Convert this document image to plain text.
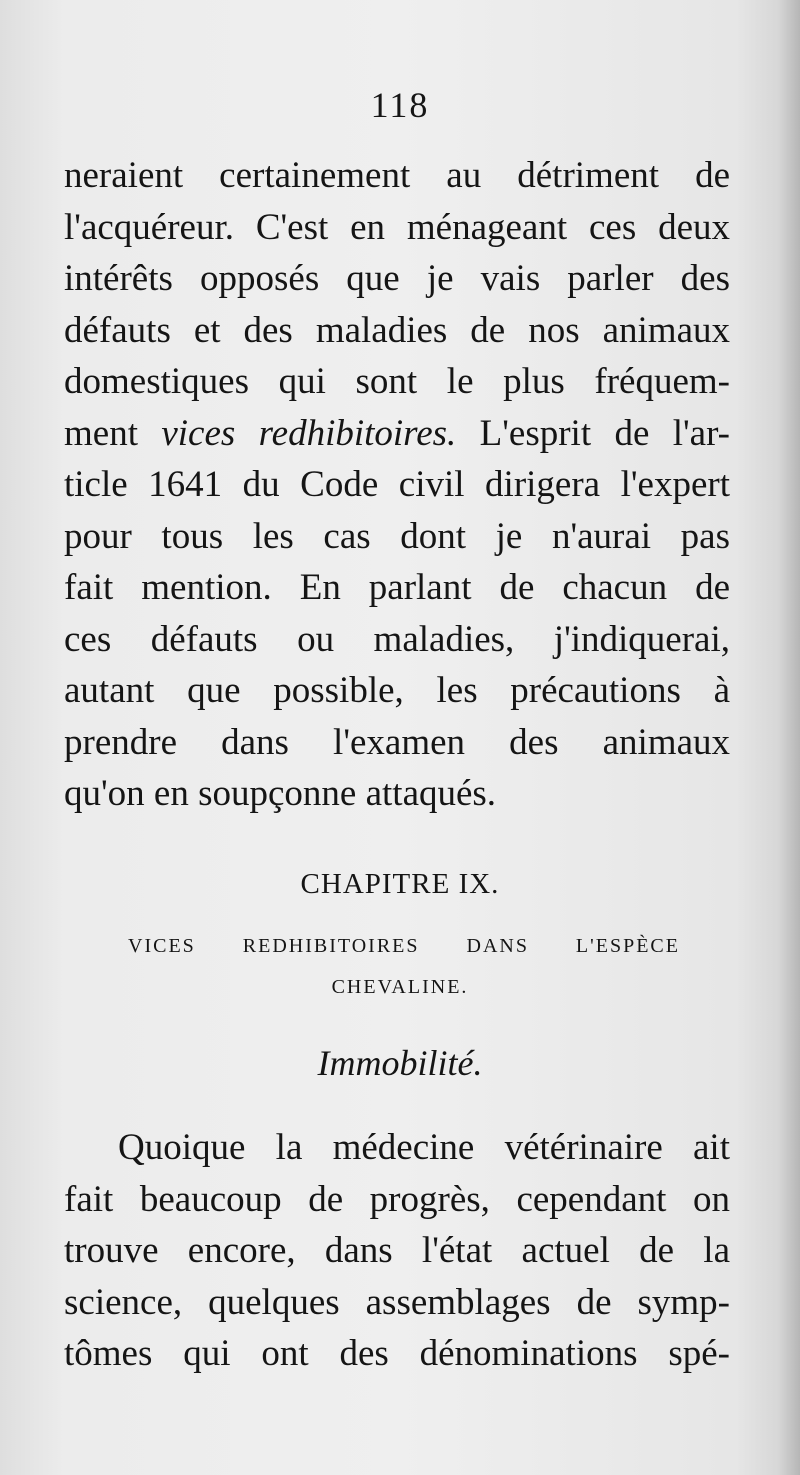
118
neraient certainement au détriment de
l'acquéreur. C'est en ménageant ces deux
intérêts opposés que je vais parler des
défauts et des maladies de nos animaux
domestiques qui sont le plus fréquem-
ment vices redhibitoires. L'esprit de l'ar-
ticle 1641 du Code civil dirigera l'expert
pour tous les cas dont je n'aurai pas
fait mention. En parlant de chacun de
ces défauts ou maladies, j'indiquerai,
autant que possible, les précautions à
prendre dans l'examen des animaux
qu'on en soupçonne attaqués.
CHAPITRE IX.
VICES REDHIBITOIRES DANS L'ESPÈCE
CHEVALINE.
Immobilité.
Quoique la médecine vétérinaire ait
fait beaucoup de progrès, cependant on
trouve encore, dans l'état actuel de la
science, quelques assemblages de symp-
tômes qui ont des dénominations spé-
